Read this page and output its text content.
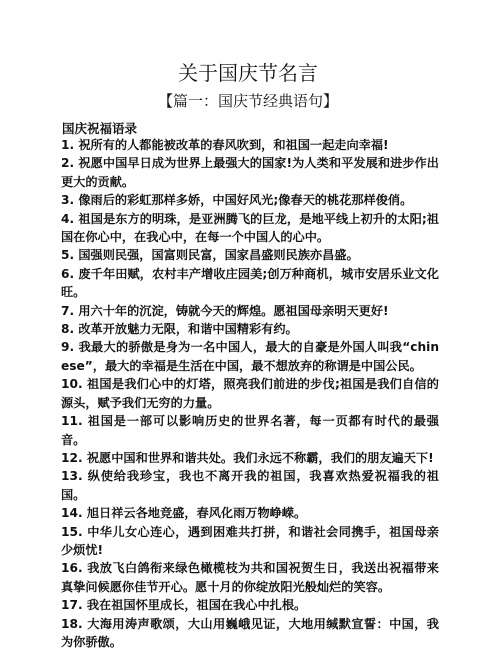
关于国庆节名言
【篇一：国庆节经典语句】
国庆祝福语录
1. 祝所有的人都能被改革的春风吹到，和祖国一起走向幸福!
2. 祝愿中国早日成为世界上最强大的国家!为人类和平发展和进步作出更大的贡献。
3. 像雨后的彩虹那样多娇，中国好风光;像春天的桃花那样俊俏。
4. 祖国是东方的明珠，是亚洲腾飞的巨龙，是地平线上初升的太阳;祖国在你心中，在我心中，在每一个中国人的心中。
5. 国强则民强，国富则民富，国家昌盛则民族亦昌盛。
6. 废千年田赋，农村丰产增收庄园美;创万种商机，城市安居乐业文化旺。
7. 用六十年的沉淀，铸就今天的辉煌。愿祖国母亲明天更好!
8. 改革开放魅力无限，和谐中国精彩有约。
9. 我最大的骄傲是身为一名中国人，最大的自豪是外国人叫我“chinese”，最大的幸福是生活在中国，最不想放弃的称谓是中国公民。
10. 祖国是我们心中的灯塔，照亮我们前进的步伐;祖国是我们自信的源头，赋予我们无穷的力量。
11. 祖国是一部可以影响历史的世界名著，每一页都有时代的最强音。
12. 祝愿中国和世界和谐共处。我们永远不称霸，我们的朋友遍天下!
13. 纵使给我珍宝，我也不离开我的祖国，我喜欢热爱祝福我的祖国。
14. 旭日祥云各地竞盛，春风化雨万物峥嵘。
15. 中华儿女心连心，遇到困难共打拼，和谐社会同携手，祖国母亲少烦忧!
16. 我放飞白鸽衔来绿色橄榄枝为共和国祝贺生日，我送出祝福带来真挚问候愿你佳节开心。愿十月的你绽放阳光般灿烂的笑容。
17. 我在祖国怀里成长，祖国在我心中扎根。
18. 大海用涛声歌颂，大山用巍峨见证，大地用缄默宣誓：中国，我为你骄傲。
